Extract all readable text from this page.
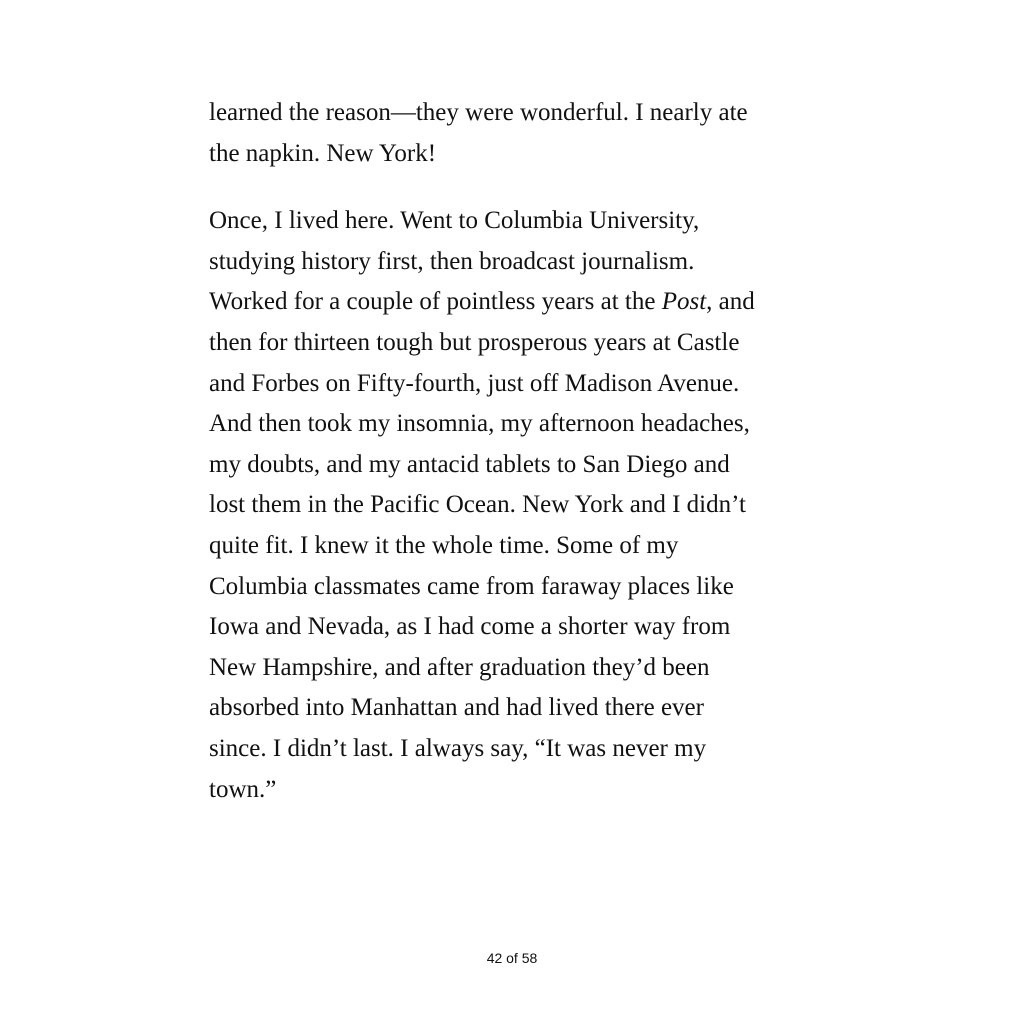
learned the reason—they were wonderful. I nearly ate
the napkin. New York!

Once, I lived here. Went to Columbia University,
studying history first, then broadcast journalism.
Worked for a couple of pointless years at the Post, and
then for thirteen tough but prosperous years at Castle
and Forbes on Fifty-fourth, just off Madison Avenue.
And then took my insomnia, my afternoon headaches,
my doubts, and my antacid tablets to San Diego and
lost them in the Pacific Ocean. New York and I didn’t
quite fit. I knew it the whole time. Some of my
Columbia classmates came from faraway places like
Iowa and Nevada, as I had come a shorter way from
New Hampshire, and after graduation they’d been
absorbed into Manhattan and had lived there ever
since. I didn’t last. I always say, “It was never my
town.”

42 of 58
